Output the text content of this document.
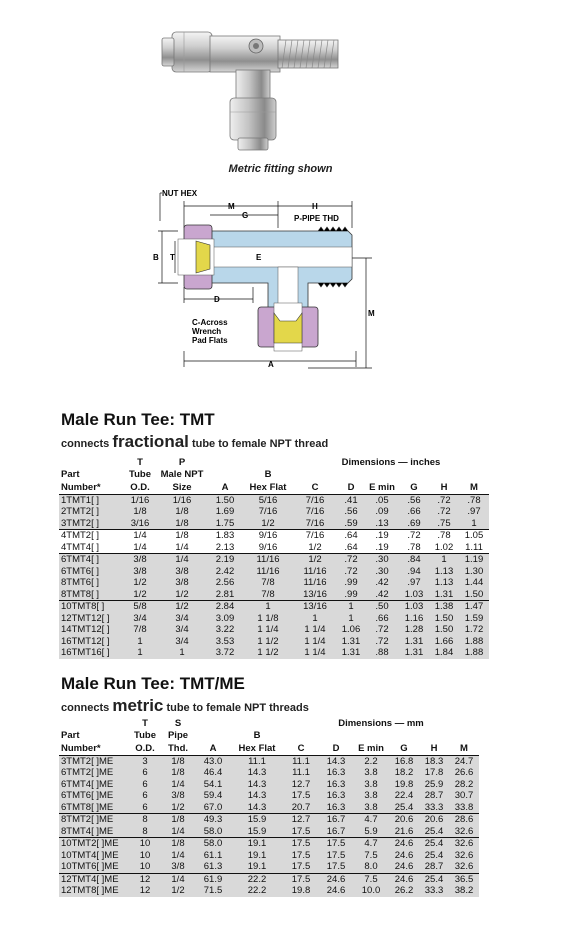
Metric fitting shown
NUT HEX
M	H
G	P-PIPE THD
B T	E
D
C-Across
Wrench
Pad Flats
M
A
Male Run Tee: TMT
connects fractional tube to female NPT thread
	T	P			Dimensions — inches					
Part	Tube	Male NPT		B						
Number*	O.D.	Size	A	Hex Flat	C	D	E min	G	H	M
1TMT1[ ]	1/16	1/16	1.50	5/16	7/16	.41	.05	.56	.72	.78
2TMT2[ ]	1/8	1/8	1.69	7/16	7/16	.56	.09	.66	.72	.97
3TMT2[ ]	3/16	1/8	1.75	1/2	7/16	.59	.13	.69	.75	1
4TMT2[ ]	1/4	1/8	1.83	9/16	7/16	.64	.19	.72	.78	1.05
4TMT4[ ]	1/4	1/4	2.13	9/16	1/2	.64	.19	.78	1.02	1.11
6TMT4[ ]	3/8	1/4	2.19	11/16	1/2	.72	.30	.84	1	1.19
6TMT6[ ]	3/8	3/8	2.42	11/16	11/16	.72	.30	.94	1.13	1.30
8TMT6[ ]	1/2	3/8	2.56	7/8	11/16	.99	.42	.97	1.13	1.44
8TMT8[ ]	1/2	1/2	2.81	7/8	13/16	.99	.42	1.03	1.31	1.50
10TMT8[ ]	5/8	1/2	2.84	1	13/16	1	.50	1.03	1.38	1.47
12TMT12[ ]	3/4	3/4	3.09	1 1/8	1	1	.66	1.16	1.50	1.59
14TMT12[ ]	7/8	3/4	3.22	1 1/4	1 1/4	1.06	.72	1.28	1.50	1.72
16TMT12[ ]	1	3/4	3.53	1 1/2	1 1/4	1.31	.72	1.31	1.66	1.88
16TMT16[ ]	1	1	3.72	1 1/2	1 1/4	1.31	.88	1.31	1.84	1.88
Male Run Tee: TMT/ME
connects metric tube to female NPT threads
	T	S			Dimensions — mm					
Part	Tube	Pipe		B						
Number*	O.D.	Thd.	A	Hex Flat	C	D	E min	G	H	M
3TMT2[ ]ME	3	1/8	43.0	11.1	11.1	14.3	2.2	16.8	18.3	24.7
6TMT2[ ]ME	6	1/8	46.4	14.3	11.1	16.3	3.8	18.2	17.8	26.6
6TMT4[ ]ME	6	1/4	54.1	14.3	12.7	16.3	3.8	19.8	25.9	28.2
6TMT6[ ]ME	6	3/8	59.4	14.3	17.5	16.3	3.8	22.4	28.7	30.7
6TMT8[ ]ME	6	1/2	67.0	14.3	20.7	16.3	3.8	25.4	33.3	33.8
8TMT2[ ]ME	8	1/8	49.3	15.9	12.7	16.7	4.7	20.6	20.6	28.6
8TMT4[ ]ME	8	1/4	58.0	15.9	17.5	16.7	5.9	21.6	25.4	32.6
10TMT2[ ]ME	10	1/8	58.0	19.1	17.5	17.5	4.7	24.6	25.4	32.6
10TMT4[ ]ME	10	1/4	61.1	19.1	17.5	17.5	7.5	24.6	25.4	32.6
10TMT6[ ]ME	10	3/8	61.3	19.1	17.5	17.5	8.0	24.6	28.7	32.6
12TMT4[ ]ME	12	1/4	61.9	22.2	17.5	24.6	7.5	24.6	25.4	36.5
12TMT8[ ]ME	12	1/2	71.5	22.2	19.8	24.6	10.0	26.2	33.3	38.2
